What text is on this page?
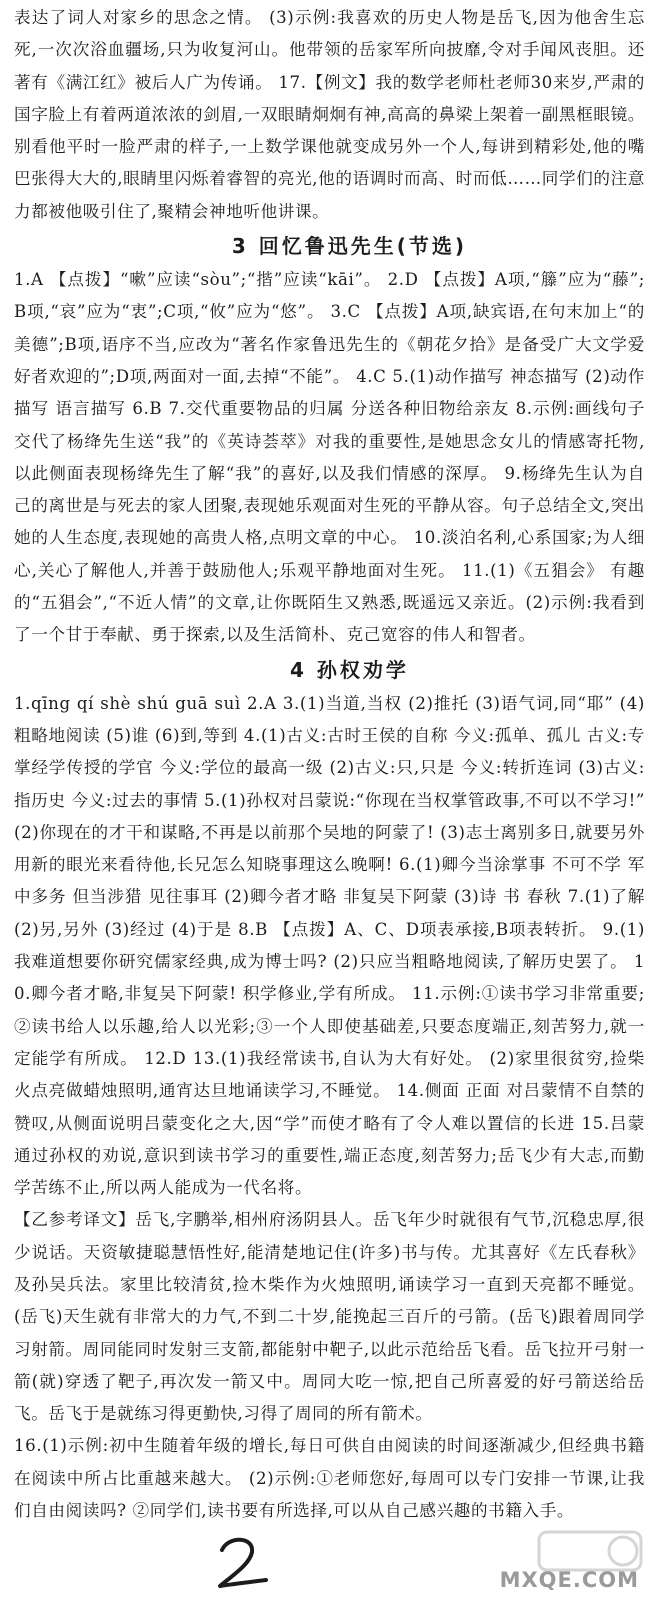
表达了词人对家乡的思念之情。 (3)示例:我喜欢的历史人物是岳飞,因为他舍生忘死,一次次浴血疆场,只为收复河山。他带领的岳家军所向披靡,令对手闻风丧胆。还著有《满江红》被后人广为传诵。 17.【例文】我的数学老师杜老师30来岁,严肃的国字脸上有着两道浓浓的剑眉,一双眼睛炯炯有神,高高的鼻梁上架着一副黑框眼镜。别看他平时一脸严肃的样子,一上数学课他就变成另外一个人,每讲到精彩处,他的嘴巴张得大大的,眼睛里闪烁着睿智的亮光,他的语调时而高、时而低……同学们的注意力都被他吸引住了,聚精会神地听他讲课。

3 回忆鲁迅先生(节选)

1.A 【点拨】“嗽”应读“sòu”;“揩”应读“kāi”。 2.D 【点拨】A项,“籐”应为“藤”;B项,“哀”应为“衷”;C项,“攸”应为“悠”。 3.C 【点拨】A项,缺宾语,在句末加上“的美德”;B项,语序不当,应改为“著名作家鲁迅先生的《朝花夕拾》是备受广大文学爱好者欢迎的”;D项,两面对一面,去掉“不能”。 4.C 5.(1)动作描写 神态描写 (2)动作描写 语言描写 6.B 7.交代重要物品的归属 分送各种旧物给亲友 8.示例:画线句子交代了杨绛先生送“我”的《英诗荟萃》对我的重要性,是她思念女儿的情感寄托物,以此侧面表现杨绛先生了解“我”的喜好,以及我们情感的深厚。 9.杨绛先生认为自己的离世是与死去的家人团聚,表现她乐观面对生死的平静从容。句子总结全文,突出她的人生态度,表现她的高贵人格,点明文章的中心。 10.淡泊名利,心系国家;为人细心,关心了解他人,并善于鼓励他人;乐观平静地面对生死。 11.(1)《五猖会》 有趣的“五猖会”,“不近人情”的文章,让你既陌生又熟悉,既遥远又亲近。(2)示例:我看到了一个甘于奉献、勇于探索,以及生活简朴、克己宽容的伟人和智者。

4 孙权劝学

1.qīng qí shè shú guā suì 2.A 3.(1)当道,当权 (2)推托 (3)语气词,同“耶” (4)粗略地阅读 (5)谁 (6)到,等到 4.(1)古义:古时王侯的自称 今义:孤单、孤儿 古义:专掌经学传授的学官 今义:学位的最高一级 (2)古义:只,只是 今义:转折连词 (3)古义:指历史 今义:过去的事情 5.(1)孙权对吕蒙说:“你现在当权掌管政事,不可以不学习!” (2)你现在的才干和谋略,不再是以前那个吴地的阿蒙了! (3)志士离别多日,就要另外用新的眼光来看待他,长兄怎么知晓事理这么晚啊! 6.(1)卿今当涂掌事 不可不学 军中多务 但当涉猎 见往事耳 (2)卿今者才略 非复吴下阿蒙 (3)诗 书 春秋 7.(1)了解 (2)另,另外 (3)经过 (4)于是 8.B 【点拨】A、C、D项表承接,B项表转折。 9.(1)我难道想要你研究儒家经典,成为博士吗? (2)只应当粗略地阅读,了解历史罢了。 10.卿今者才略,非复吴下阿蒙! 积学修业,学有所成。 11.示例:①读书学习非常重要;②读书给人以乐趣,给人以光彩;③一个人即使基础差,只要态度端正,刻苦努力,就一定能学有所成。 12.D 13.(1)我经常读书,自认为大有好处。 (2)家里很贫穷,捡柴火点亮做蜡烛照明,通宵达旦地诵读学习,不睡觉。 14.侧面 正面 对吕蒙情不自禁的赞叹,从侧面说明吕蒙变化之大,因“学”而使才略有了令人难以置信的长进 15.吕蒙通过孙权的劝说,意识到读书学习的重要性,端正态度,刻苦努力;岳飞少有大志,而勤学苦练不止,所以两人能成为一代名将。

【乙参考译文】岳飞,字鹏举,相州府汤阴县人。岳飞年少时就很有气节,沉稳忠厚,很少说话。天资敏捷聪慧悟性好,能清楚地记住(许多)书与传。尤其喜好《左氏春秋》及孙吴兵法。家里比较清贫,捡木柴作为火烛照明,诵读学习一直到天亮都不睡觉。(岳飞)天生就有非常大的力气,不到二十岁,能挽起三百斤的弓箭。(岳飞)跟着周同学习射箭。周同能同时发射三支箭,都能射中靶子,以此示范给岳飞看。岳飞拉开弓射一箭(就)穿透了靶子,再次发一箭又中。周同大吃一惊,把自己所喜爱的好弓箭送给岳飞。岳飞于是就练习得更勤快,习得了周同的所有箭术。

16.(1)示例:初中生随着年级的增长,每日可供自由阅读的时间逐渐减少,但经典书籍在阅读中所占比重越来越大。 (2)示例:①老师您好,每周可以专门安排一节课,让我们自由阅读吗? ②同学们,读书要有所选择,可以从自己感兴趣的书籍入手。

MXQE.COM
